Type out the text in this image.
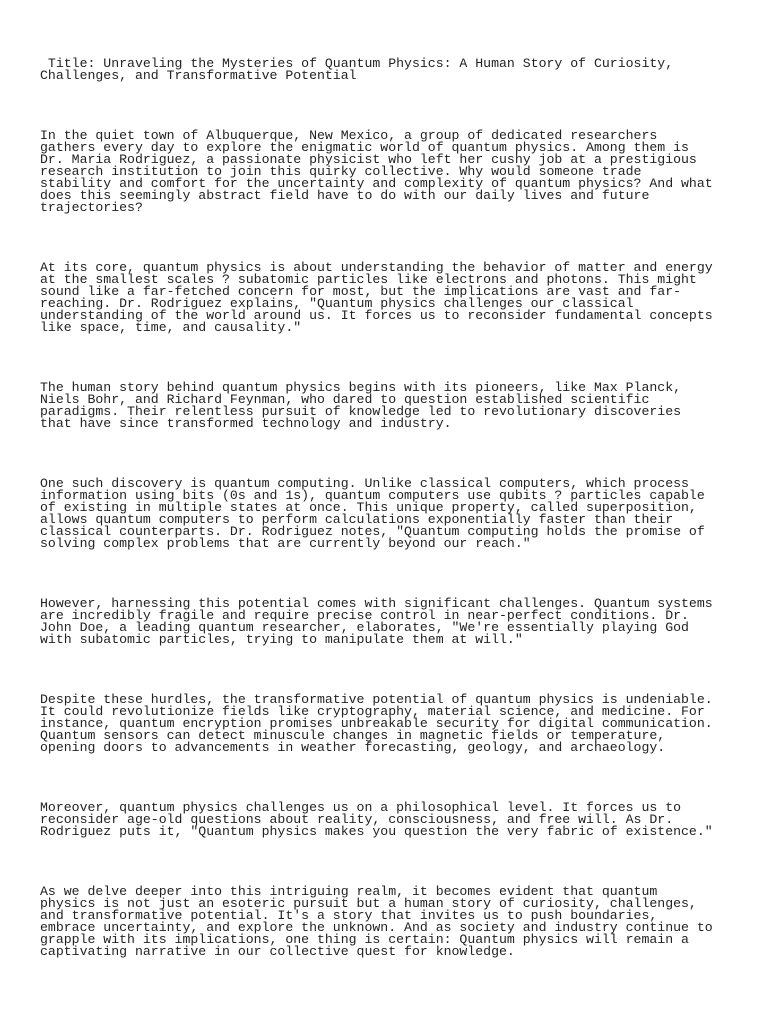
Title: Unraveling the Mysteries of Quantum Physics: A Human Story of Curiosity,
Challenges, and Transformative Potential

In the quiet town of Albuquerque, New Mexico, a group of dedicated researchers
gathers every day to explore the enigmatic world of quantum physics. Among them is
Dr. Maria Rodriguez, a passionate physicist who left her cushy job at a prestigious
research institution to join this quirky collective. Why would someone trade
stability and comfort for the uncertainty and complexity of quantum physics? And what
does this seemingly abstract field have to do with our daily lives and future
trajectories?

At its core, quantum physics is about understanding the behavior of matter and energy
at the smallest scales ? subatomic particles like electrons and photons. This might
sound like a far-fetched concern for most, but the implications are vast and far-
reaching. Dr. Rodriguez explains, "Quantum physics challenges our classical
understanding of the world around us. It forces us to reconsider fundamental concepts
like space, time, and causality."

The human story behind quantum physics begins with its pioneers, like Max Planck,
Niels Bohr, and Richard Feynman, who dared to question established scientific
paradigms. Their relentless pursuit of knowledge led to revolutionary discoveries
that have since transformed technology and industry.

One such discovery is quantum computing. Unlike classical computers, which process
information using bits (0s and 1s), quantum computers use qubits ? particles capable
of existing in multiple states at once. This unique property, called superposition,
allows quantum computers to perform calculations exponentially faster than their
classical counterparts. Dr. Rodriguez notes, "Quantum computing holds the promise of
solving complex problems that are currently beyond our reach."

However, harnessing this potential comes with significant challenges. Quantum systems
are incredibly fragile and require precise control in near-perfect conditions. Dr.
John Doe, a leading quantum researcher, elaborates, "We're essentially playing God
with subatomic particles, trying to manipulate them at will."

Despite these hurdles, the transformative potential of quantum physics is undeniable.
It could revolutionize fields like cryptography, material science, and medicine. For
instance, quantum encryption promises unbreakable security for digital communication.
Quantum sensors can detect minuscule changes in magnetic fields or temperature,
opening doors to advancements in weather forecasting, geology, and archaeology.

Moreover, quantum physics challenges us on a philosophical level. It forces us to
reconsider age-old questions about reality, consciousness, and free will. As Dr.
Rodriguez puts it, "Quantum physics makes you question the very fabric of existence."

As we delve deeper into this intriguing realm, it becomes evident that quantum
physics is not just an esoteric pursuit but a human story of curiosity, challenges,
and transformative potential. It's a story that invites us to push boundaries,
embrace uncertainty, and explore the unknown. And as society and industry continue to
grapple with its implications, one thing is certain: Quantum physics will remain a
captivating narrative in our collective quest for knowledge.
